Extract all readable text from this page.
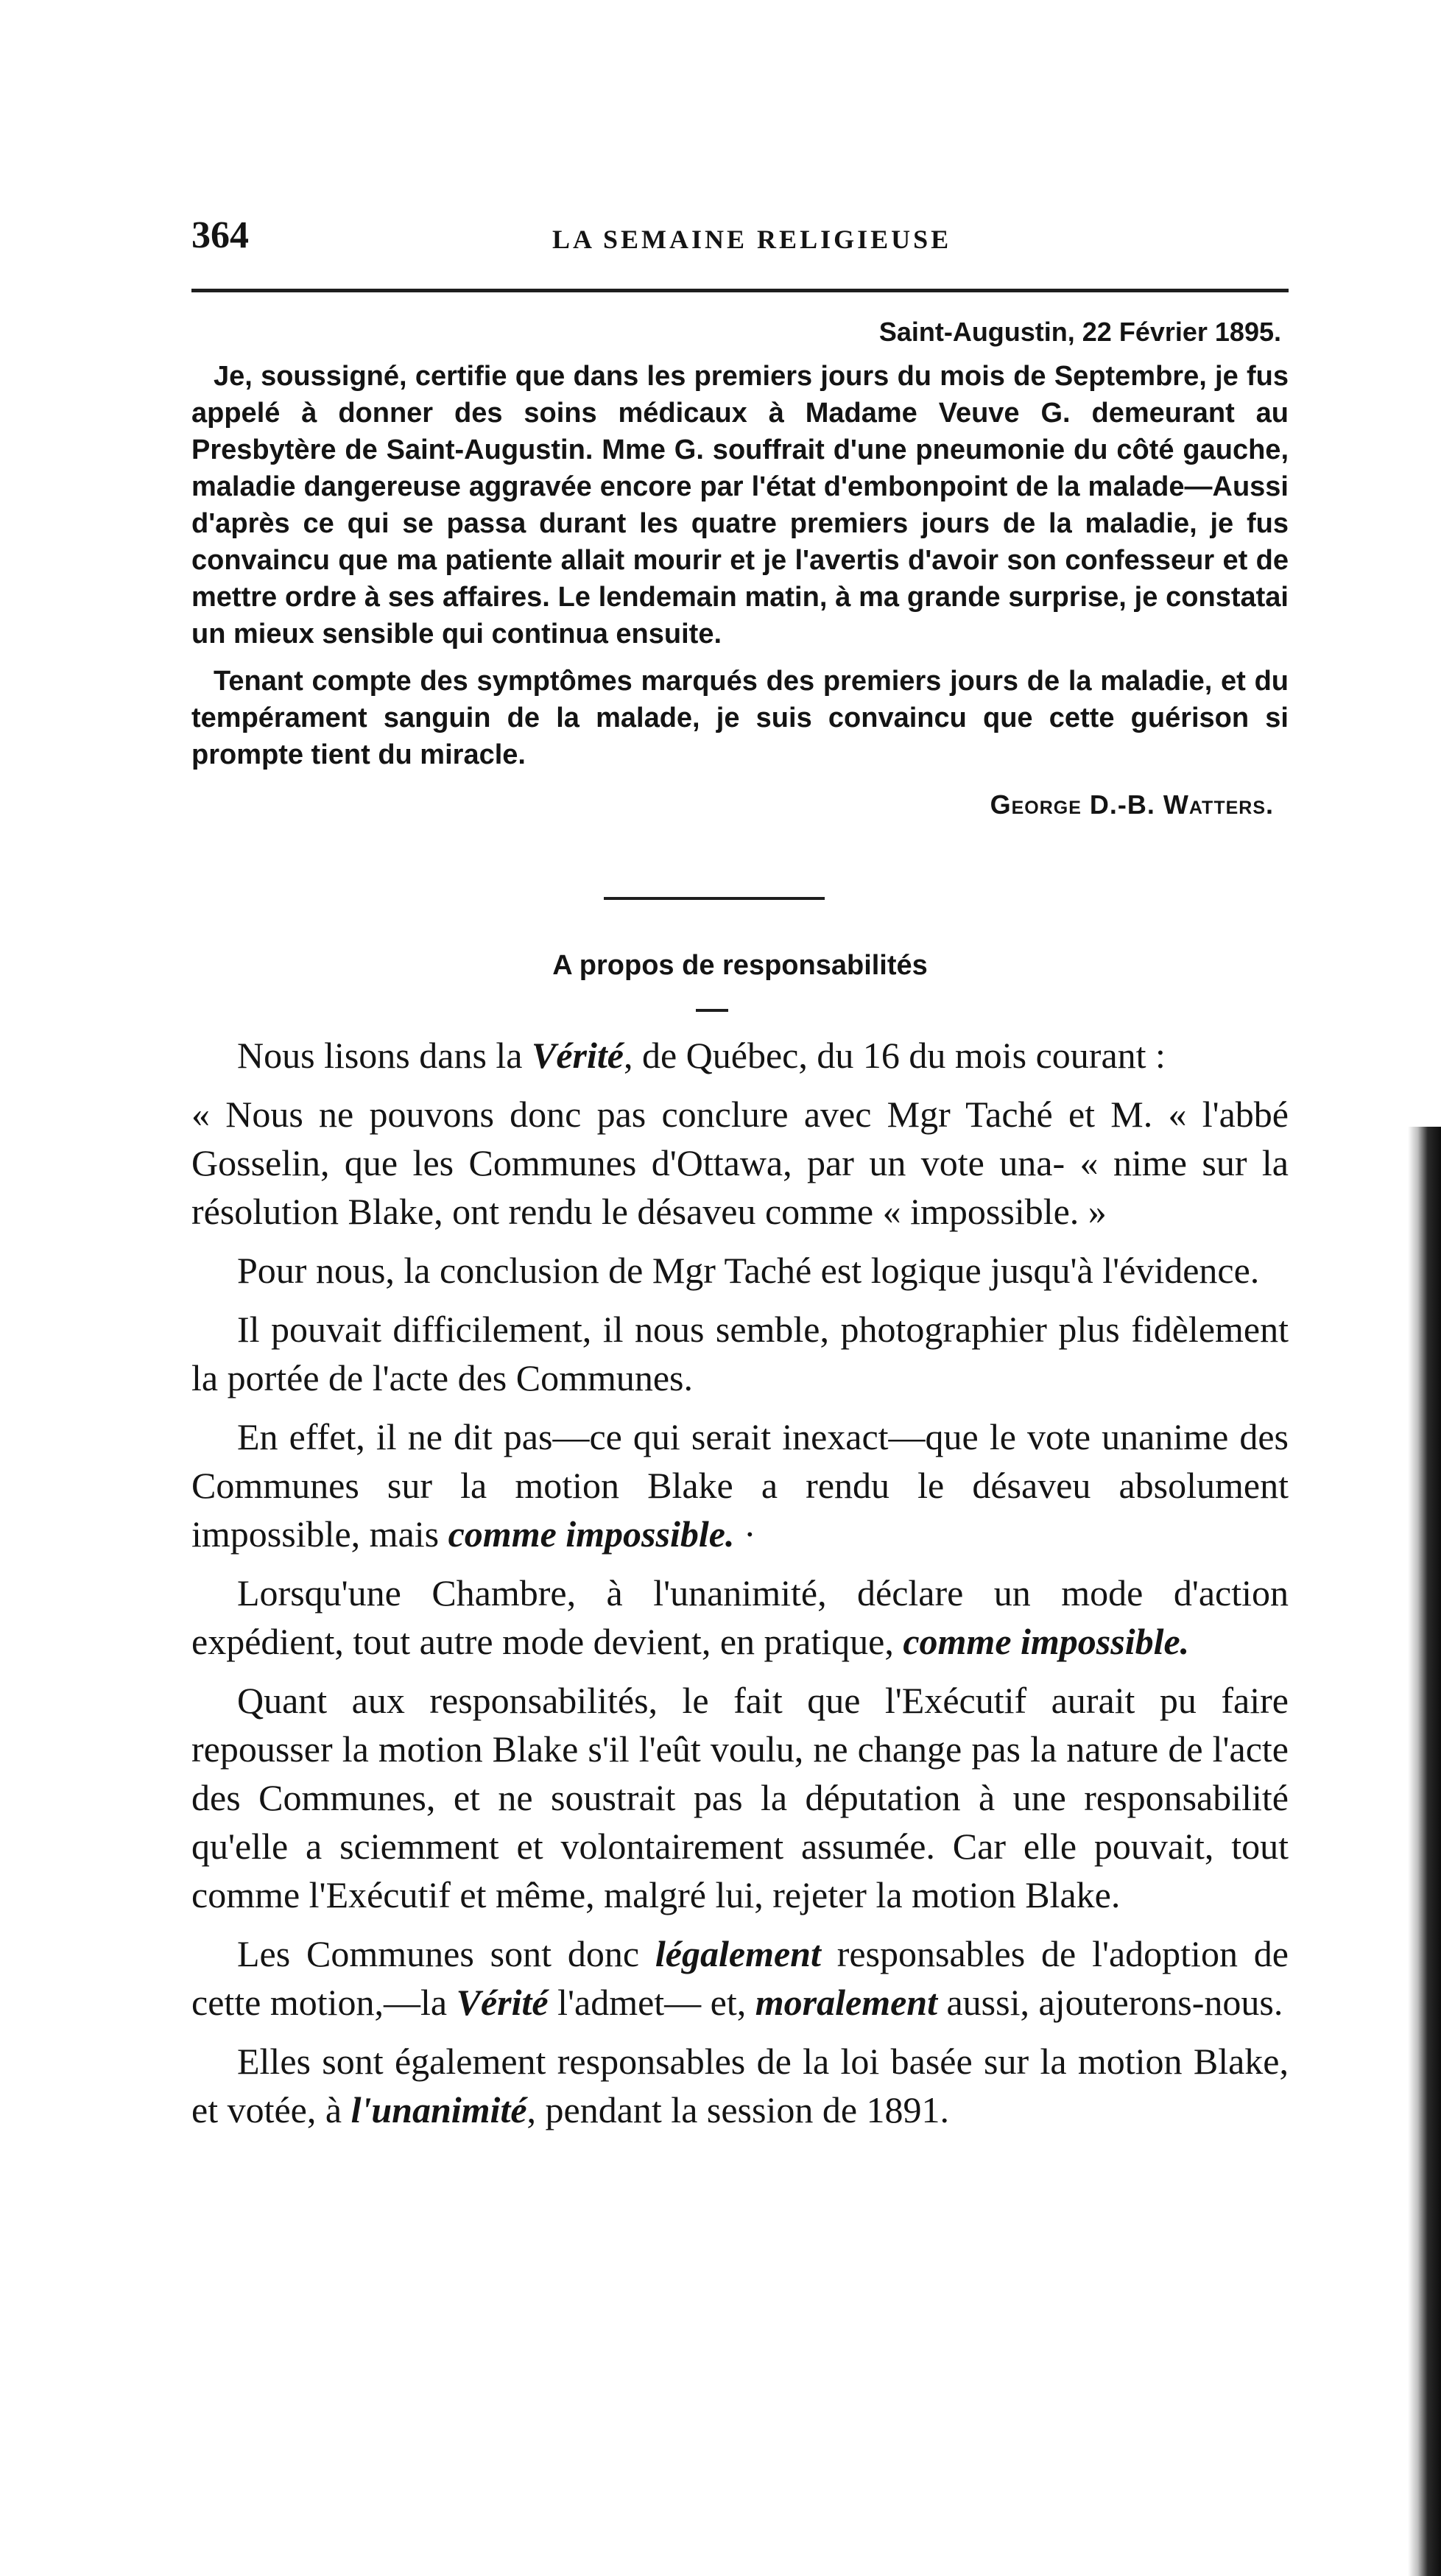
364	LA SEMAINE RELIGIEUSE
Saint-Augustin, 22 Février 1895.

Je, soussigné, certifie que dans les premiers jours du mois de Septembre, je fus appelé à donner des soins médicaux à Madame Veuve G. demeurant au Presbytère de Saint-Augustin. Mme G. souffrait d'une pneumonie du côté gauche, maladie dangereuse aggravée encore par l'état d'embonpoint de la malade—Aussi d'après ce qui se passa durant les quatre premiers jours de la maladie, je fus convaincu que ma patiente allait mourir et je l'avertis d'avoir son confesseur et de mettre ordre à ses affaires. Le lendemain matin, à ma grande surprise, je constatai un mieux sensible qui continua ensuite.

Tenant compte des symptômes marqués des premiers jours de la maladie, et du tempérament sanguin de la malade, je suis convaincu que cette guérison si prompte tient du miracle.

George D.-B. Watters.
A propos de responsabilités

Nous lisons dans la Vérité, de Québec, du 16 du mois courant :

« Nous ne pouvons donc pas conclure avec Mgr Taché et M. « l'abbé Gosselin, que les Communes d'Ottawa, par un vote una- « nime sur la résolution Blake, ont rendu le désaveu comme « impossible. »

Pour nous, la conclusion de Mgr Taché est logique jusqu'à l'évidence.

Il pouvait difficilement, il nous semble, photographier plus fidèlement la portée de l'acte des Communes.

En effet, il ne dit pas—ce qui serait inexact—que le vote unanime des Communes sur la motion Blake a rendu le désaveu absolument impossible, mais comme impossible. ·

Lorsqu'une Chambre, à l'unanimité, déclare un mode d'action expédient, tout autre mode devient, en pratique, comme impossible.

Quant aux responsabilités, le fait que l'Exécutif aurait pu faire repousser la motion Blake s'il l'eût voulu, ne change pas la nature de l'acte des Communes, et ne soustrait pas la députation à une responsabilité qu'elle a sciemment et volontairement assumée. Car elle pouvait, tout comme l'Exécutif et même, malgré lui, rejeter la motion Blake.

Les Communes sont donc légalement responsables de l'adoption de cette motion,—la Vérité l'admet— et, moralement aussi, ajouterons-nous.

Elles sont également responsables de la loi basée sur la motion Blake, et votée, à l'unanimité, pendant la session de 1891.
